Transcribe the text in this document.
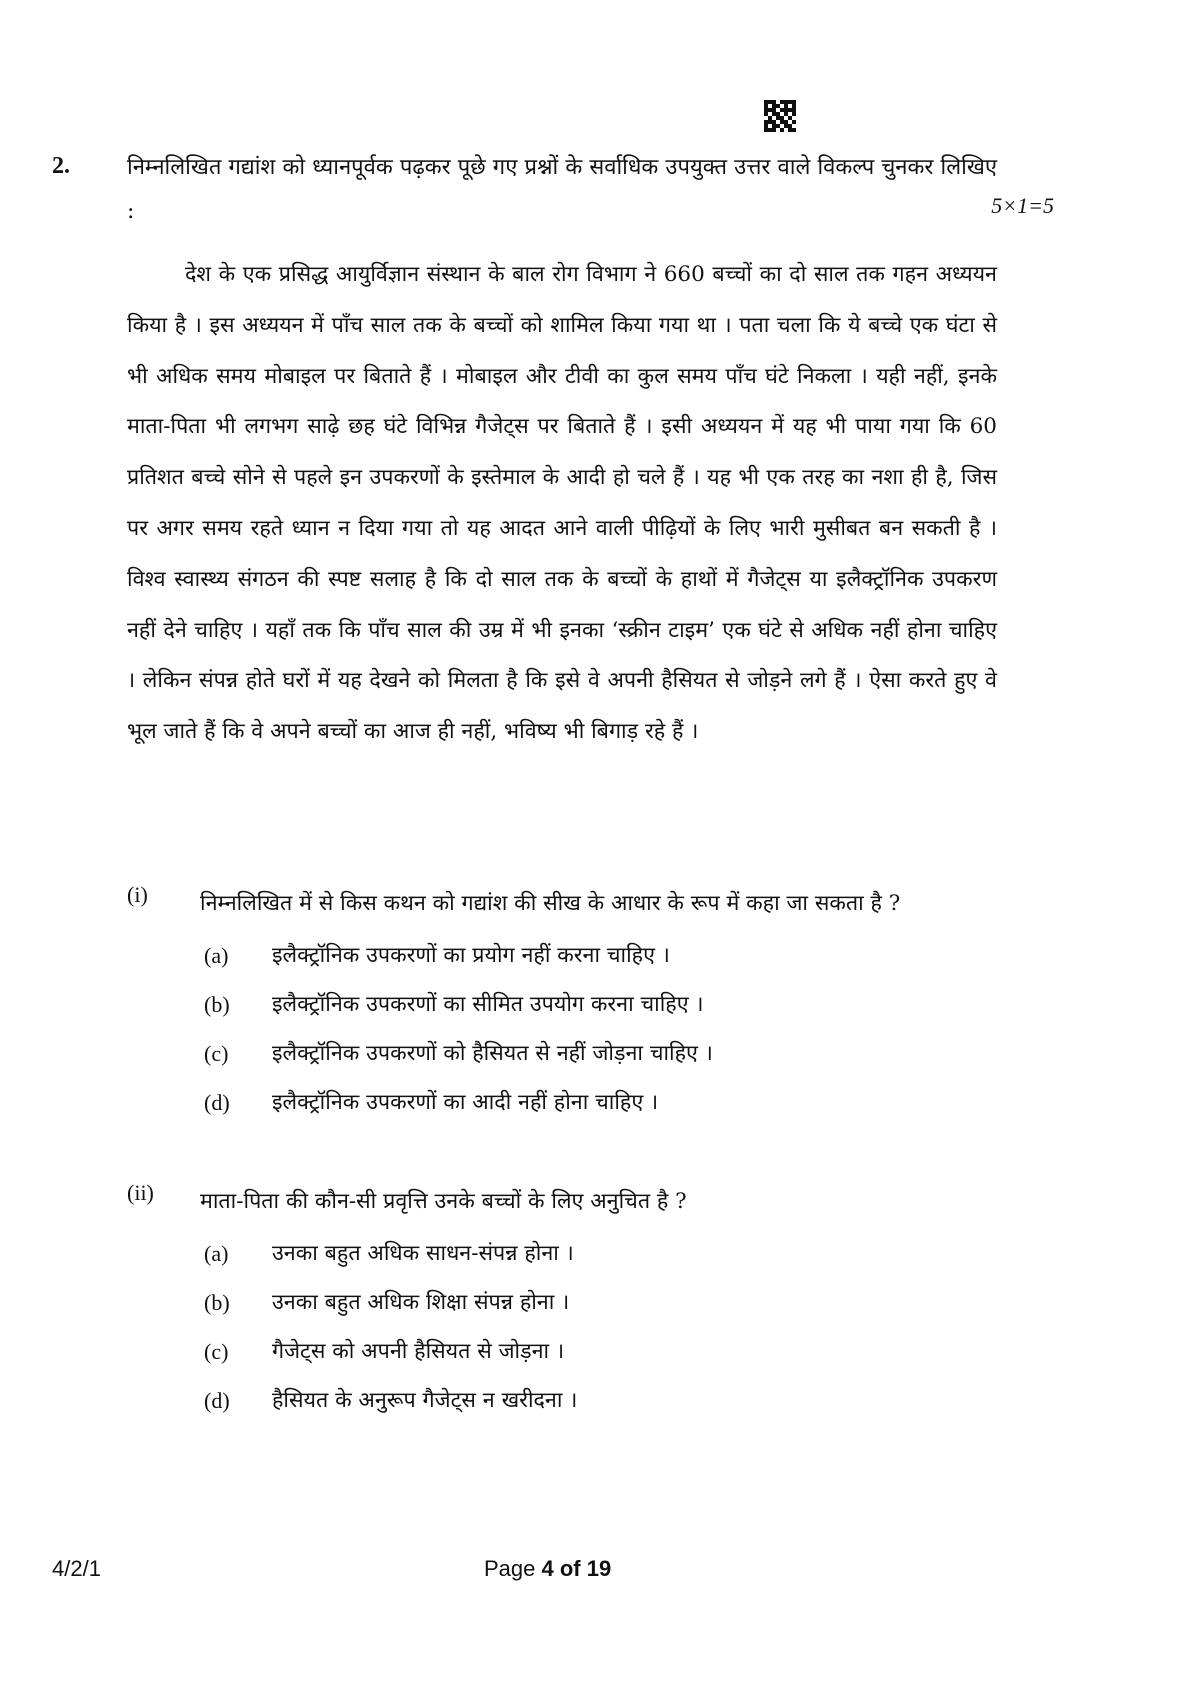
2.	निम्नलिखित गद्यांश को ध्यानपूर्वक पढ़कर पूछे गए प्रश्नों के सर्वाधिक उपयुक्त उत्तर वाले विकल्प चुनकर लिखिए :	5×1=5

देश के एक प्रसिद्ध आयुर्विज्ञान संस्थान के बाल रोग विभाग ने 660 बच्चों का दो साल तक गहन अध्ययन किया है । इस अध्ययन में पाँच साल तक के बच्चों को शामिल किया गया था । पता चला कि ये बच्चे एक घंटा से भी अधिक समय मोबाइल पर बिताते हैं । मोबाइल और टीवी का कुल समय पाँच घंटे निकला । यही नहीं, इनके माता-पिता भी लगभग साढ़े छह घंटे विभिन्न गैजेट्स पर बिताते हैं । इसी अध्ययन में यह भी पाया गया कि 60 प्रतिशत बच्चे सोने से पहले इन उपकरणों के इस्तेमाल के आदी हो चले हैं । यह भी एक तरह का नशा ही है, जिस पर अगर समय रहते ध्यान न दिया गया तो यह आदत आने वाली पीढ़ियों के लिए भारी मुसीबत बन सकती है । विश्व स्वास्थ्य संगठन की स्पष्ट सलाह है कि दो साल तक के बच्चों के हाथों में गैजेट्स या इलैक्ट्रॉनिक उपकरण नहीं देने चाहिए । यहाँ तक कि पाँच साल की उम्र में भी इनका ‘स्क्रीन टाइम’ एक घंटे से अधिक नहीं होना चाहिए । लेकिन संपन्न होते घरों में यह देखने को मिलता है कि इसे वे अपनी हैसियत से जोड़ने लगे हैं । ऐसा करते हुए वे भूल जाते हैं कि वे अपने बच्चों का आज ही नहीं, भविष्य भी बिगाड़ रहे हैं ।

(i) निम्नलिखित में से किस कथन को गद्यांश की सीख के आधार के रूप में कहा जा सकता है ?
(a) इलैक्ट्रॉनिक उपकरणों का प्रयोग नहीं करना चाहिए ।
(b) इलैक्ट्रॉनिक उपकरणों का सीमित उपयोग करना चाहिए ।
(c) इलैक्ट्रॉनिक उपकरणों को हैसियत से नहीं जोड़ना चाहिए ।
(d) इलैक्ट्रॉनिक उपकरणों का आदी नहीं होना चाहिए ।
(ii) माता-पिता की कौन-सी प्रवृत्ति उनके बच्चों के लिए अनुचित है ?
(a) उनका बहुत अधिक साधन-संपन्न होना ।
(b) उनका बहुत अधिक शिक्षा संपन्न होना ।
(c) गैजेट्स को अपनी हैसियत से जोड़ना ।
(d) हैसियत के अनुरूप गैजेट्स न खरीदना ।
4/2/1	Page 4 of 19
